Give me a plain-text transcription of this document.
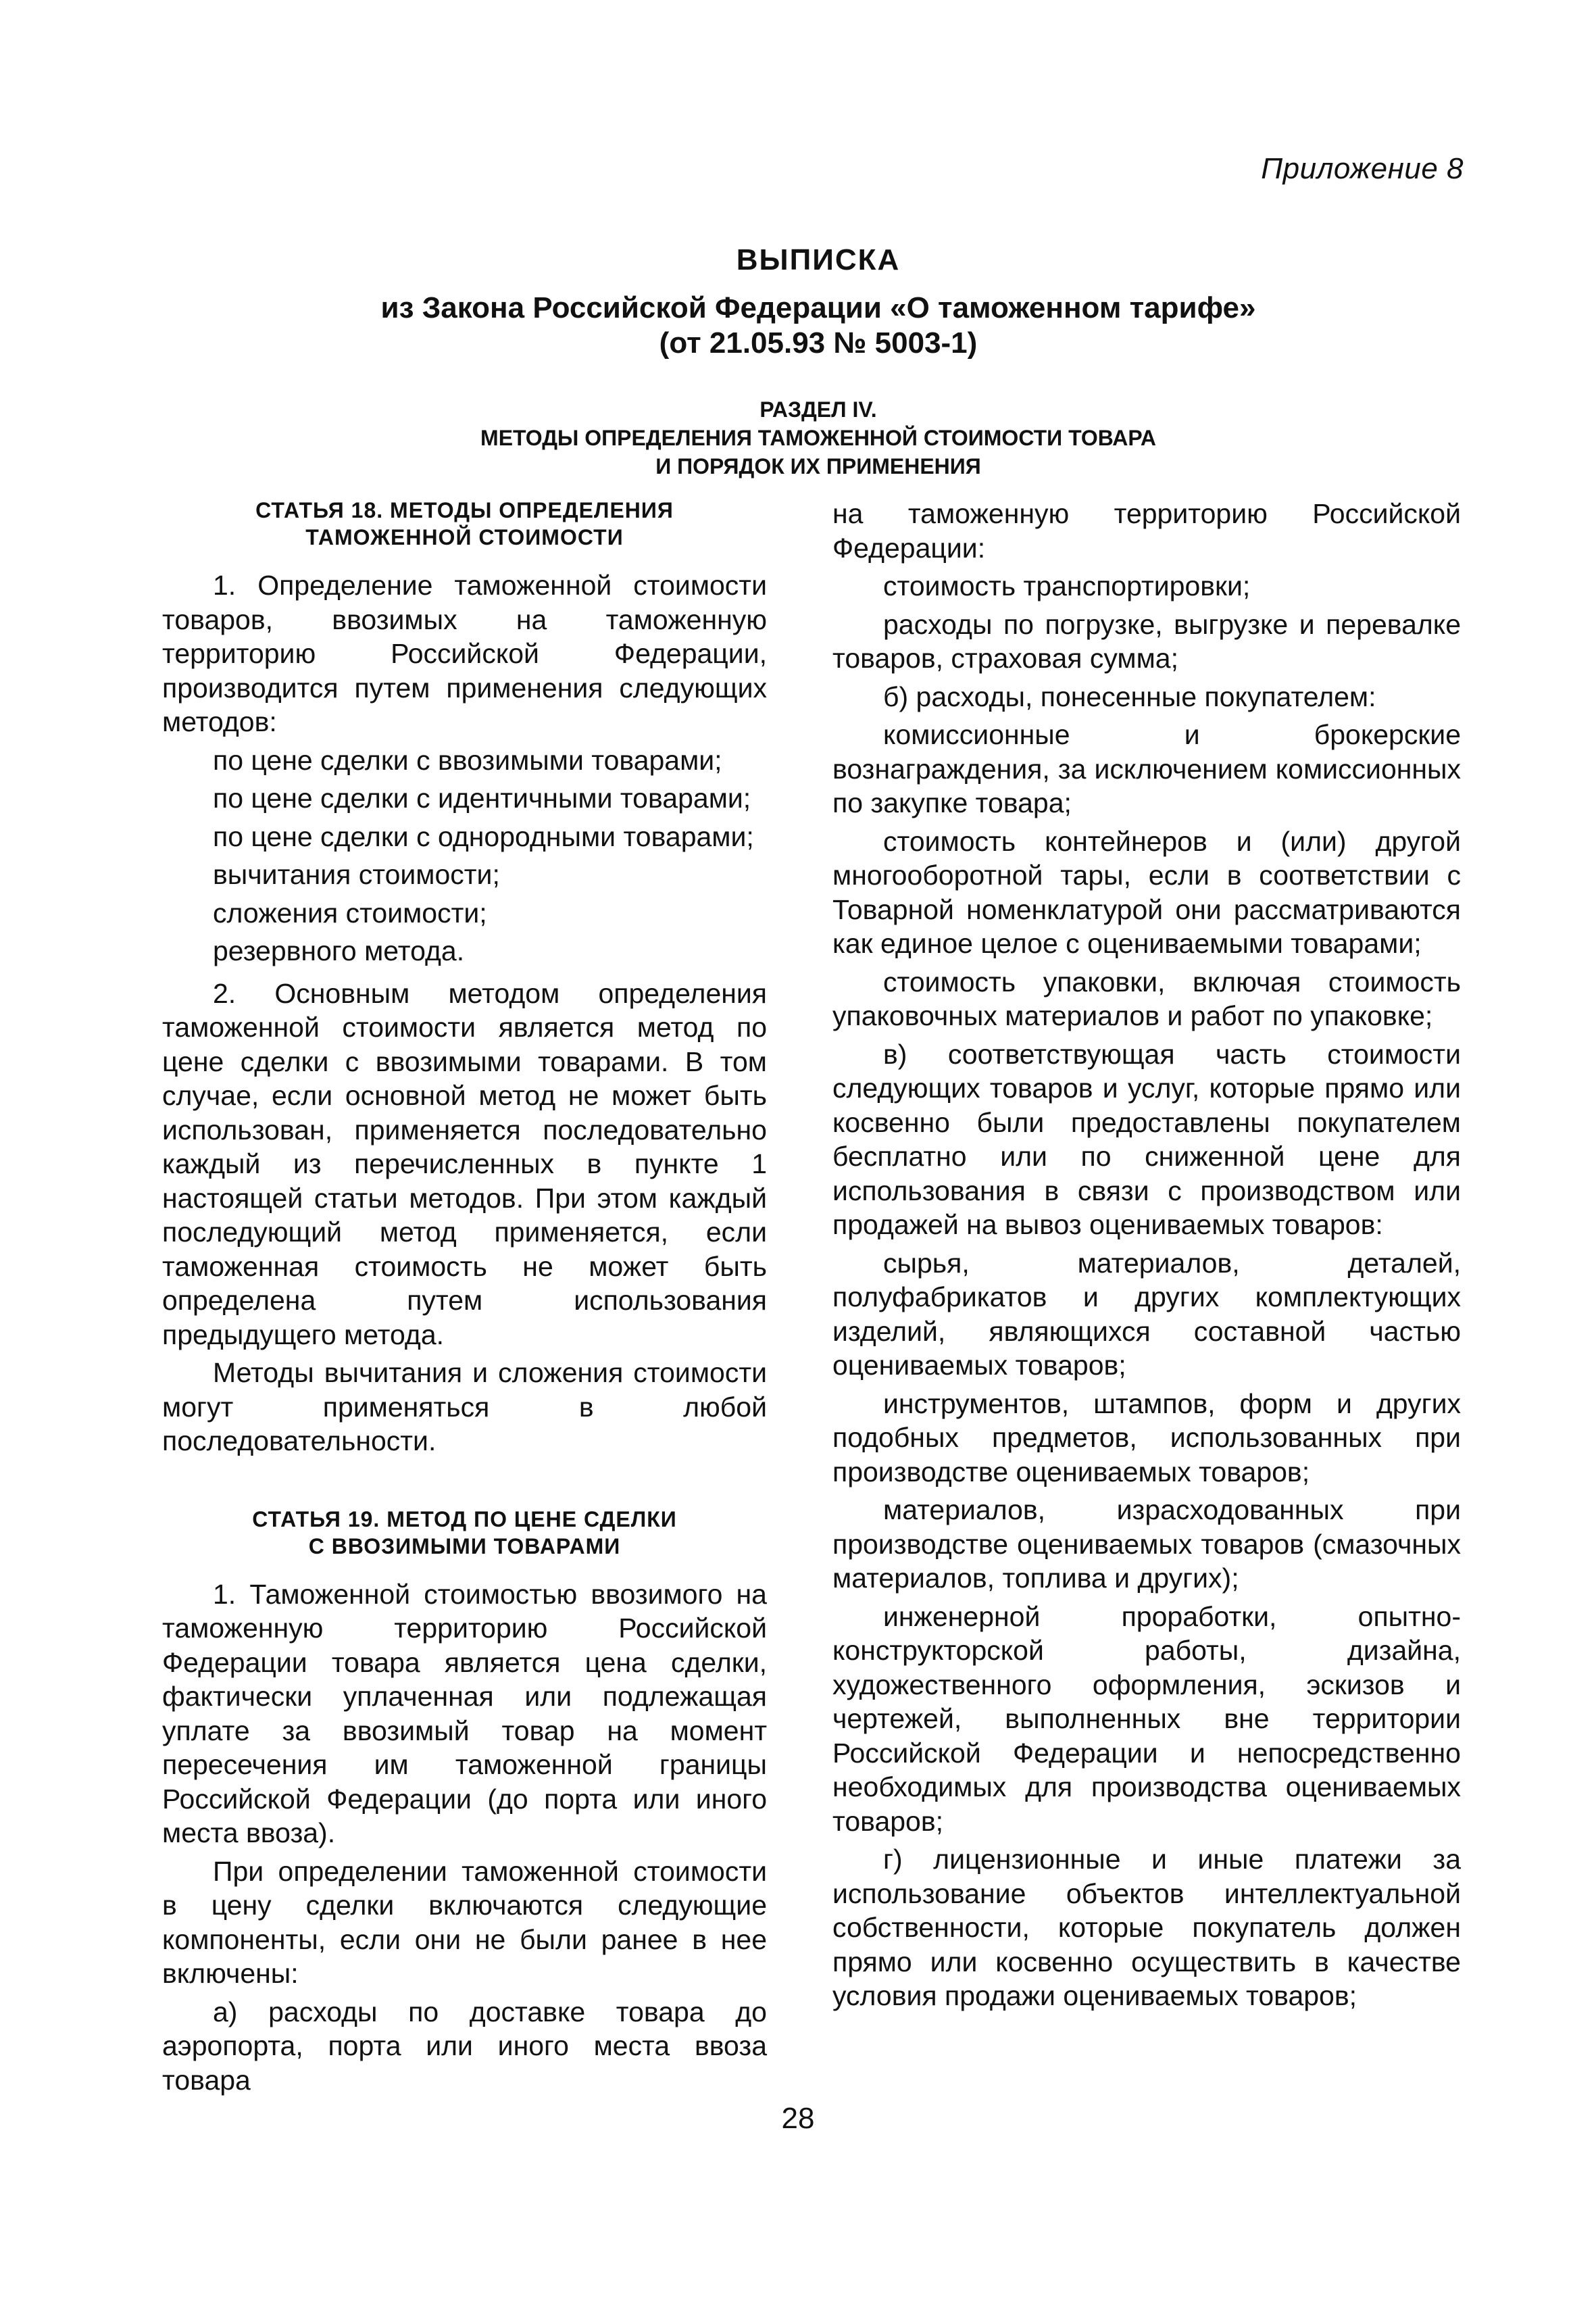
Приложение 8
ВЫПИСКА
из Закона Российской Федерации «О таможенном тарифе»
(от 21.05.93 № 5003-1)
РАЗДЕЛ IV.
МЕТОДЫ ОПРЕДЕЛЕНИЯ ТАМОЖЕННОЙ СТОИМОСТИ ТОВАРА
И ПОРЯДОК ИХ ПРИМЕНЕНИЯ
СТАТЬЯ 18. МЕТОДЫ ОПРЕДЕЛЕНИЯ
ТАМОЖЕННОЙ СТОИМОСТИ

1. Определение таможенной стоимости товаров, ввозимых на таможенную территорию Российской Федерации, производится путем применения следующих методов:

по цене сделки с ввозимыми товарами;

по цене сделки с идентичными товарами;

по цене сделки с однородными товарами;

вычитания стоимости;

сложения стоимости;

резервного метода.

2. Основным методом определения таможенной стоимости является метод по цене сделки с ввозимыми товарами. В том случае, если основной метод не может быть использован, применяется последовательно каждый из перечисленных в пункте 1 настоящей статьи методов. При этом каждый последующий метод применяется, если таможенная стоимость не может быть определена путем использования предыдущего метода.

Методы вычитания и сложения стоимости могут применяться в любой последовательности.

СТАТЬЯ 19. МЕТОД ПО ЦЕНЕ СДЕЛКИ
С ВВОЗИМЫМИ ТОВАРАМИ

1. Таможенной стоимостью ввозимого на таможенную территорию Российской Федерации товара является цена сделки, фактически уплаченная или подлежащая уплате за ввозимый товар на момент пересечения им таможенной границы Российской Федерации (до порта или иного места ввоза).

При определении таможенной стоимости в цену сделки включаются следующие компоненты, если они не были ранее в нее включены:

а) расходы по доставке товара до аэропорта, порта или иного места ввоза товара

на таможенную территорию Российской Федерации:

стоимость транспортировки;

расходы по погрузке, выгрузке и перевалке товаров, страховая сумма;

б) расходы, понесенные покупателем:

комиссионные и брокерские вознаграждения, за исключением комиссионных по закупке товара;

стоимость контейнеров и (или) другой многооборотной тары, если в соответствии с Товарной номенклатурой они рассматриваются как единое целое с оцениваемыми товарами;

стоимость упаковки, включая стоимость упаковочных материалов и работ по упаковке;

в) соответствующая часть стоимости следующих товаров и услуг, которые прямо или косвенно были предоставлены покупателем бесплатно или по сниженной цене для использования в связи с производством или продажей на вывоз оцениваемых товаров:

сырья, материалов, деталей, полуфабрикатов и других комплектующих изделий, являющихся составной частью оцениваемых товаров;

инструментов, штампов, форм и других подобных предметов, использованных при производстве оцениваемых товаров;

материалов, израсходованных при производстве оцениваемых товаров (смазочных материалов, топлива и других);

инженерной проработки, опытно-конструкторской работы, дизайна, художественного оформления, эскизов и чертежей, выполненных вне территории Российской Федерации и непосредственно необходимых для производства оцениваемых товаров;

г) лицензионные и иные платежи за использование объектов интеллектуальной собственности, которые покупатель должен прямо или косвенно осуществить в качестве условия продажи оцениваемых товаров;

28
